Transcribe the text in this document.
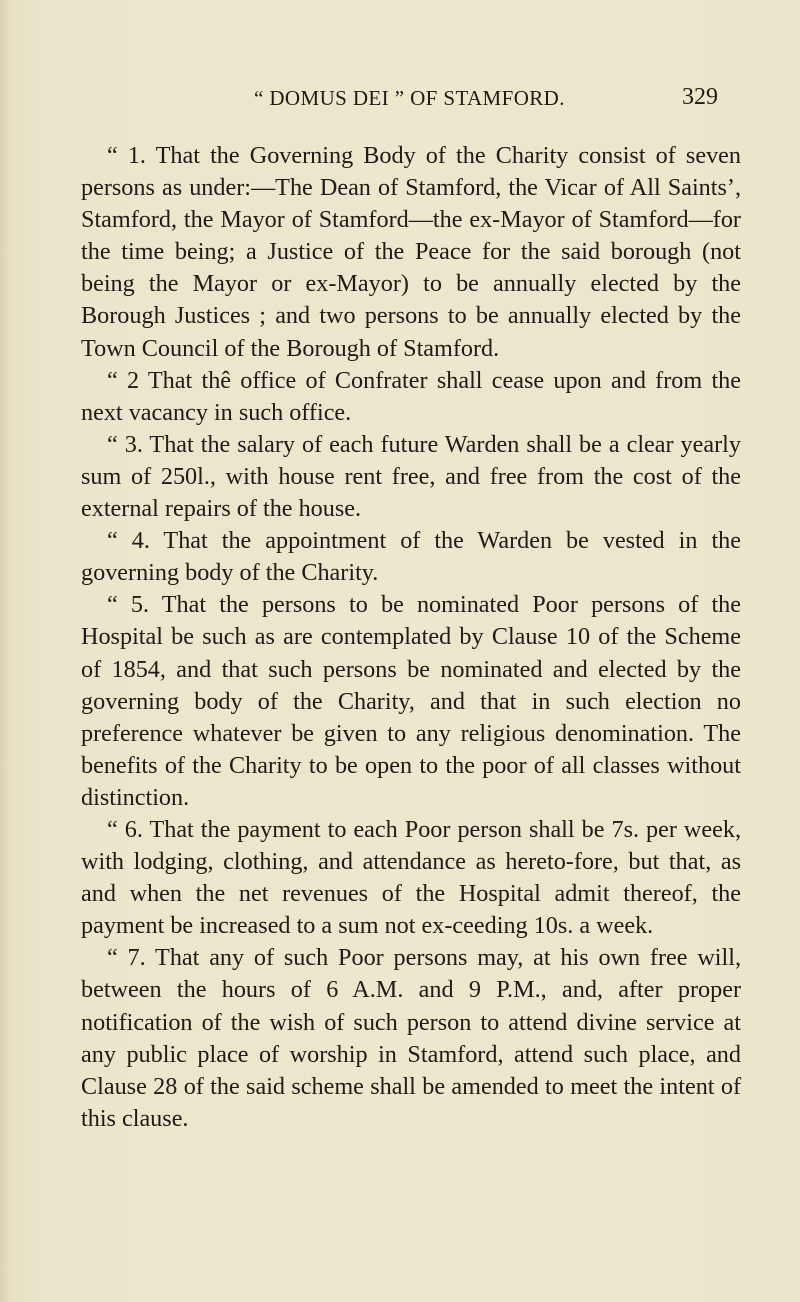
“ DOMUS DEI ” OF STAMFORD.	329

“ 1. That the Governing Body of the Charity consist of seven persons as under:—The Dean of Stamford, the Vicar of All Saints’, Stamford, the Mayor of Stamford—the ex-Mayor of Stamford—for the time being; a Justice of the Peace for the said borough (not being the Mayor or ex-Mayor) to be annually elected by the Borough Justices ; and two persons to be annually elected by the Town Council of the Borough of Stamford.

“ 2 That thê office of Confrater shall cease upon and from the next vacancy in such office.

“ 3. That the salary of each future Warden shall be a clear yearly sum of 250l., with house rent free, and free from the cost of the external repairs of the house.

“ 4. That the appointment of the Warden be vested in the governing body of the Charity.

“ 5. That the persons to be nominated Poor persons of the Hospital be such as are contemplated by Clause 10 of the Scheme of 1854, and that such persons be nominated and elected by the governing body of the Charity, and that in such election no preference whatever be given to any religious denomination. The benefits of the Charity to be open to the poor of all classes without distinction.

“ 6. That the payment to each Poor person shall be 7s. per week, with lodging, clothing, and attendance as hereto-fore, but that, as and when the net revenues of the Hospital admit thereof, the payment be increased to a sum not ex-ceeding 10s. a week.

“ 7. That any of such Poor persons may, at his own free will, between the hours of 6 A.M. and 9 P.M., and, after proper notification of the wish of such person to attend divine service at any public place of worship in Stamford, attend such place, and Clause 28 of the said scheme shall be amended to meet the intent of this clause.
